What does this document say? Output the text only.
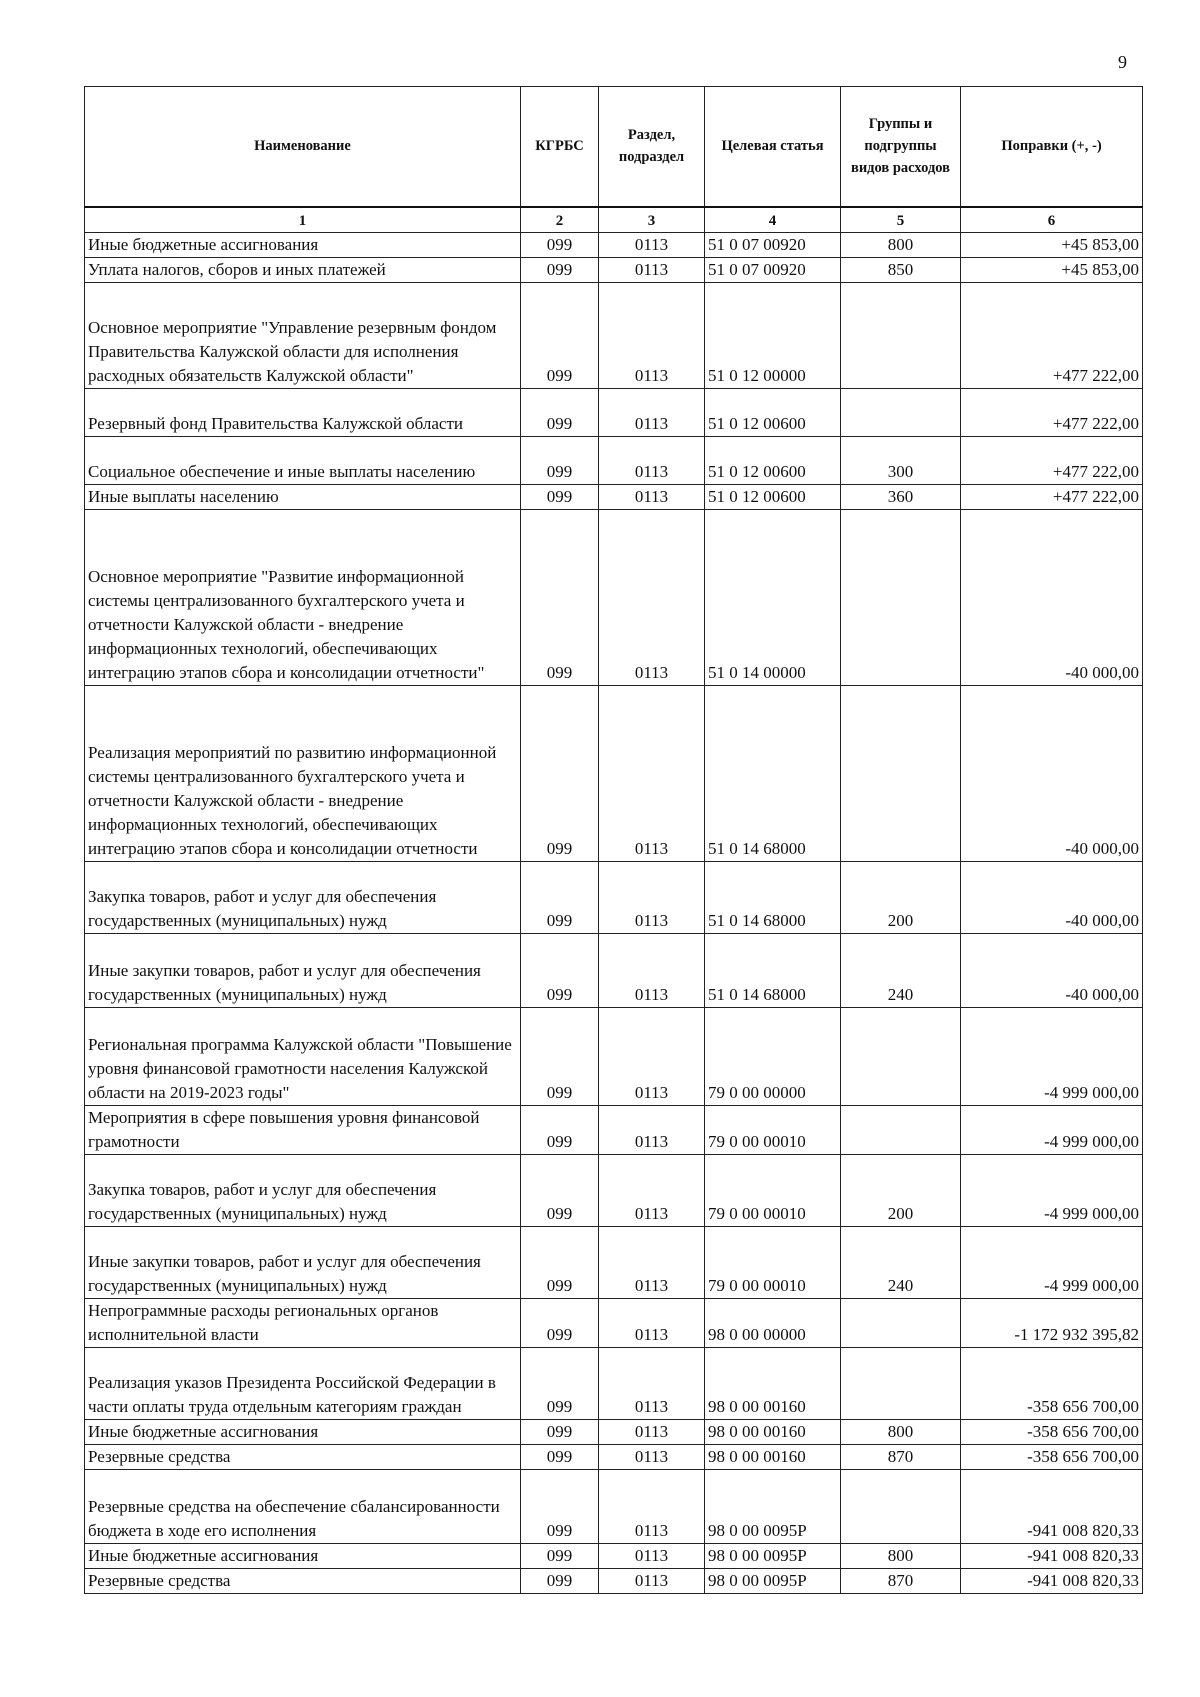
9
Наименование	КГРБС	Раздел, подраздел	Целевая статья	Группы и подгруппы видов расходов	Поправки (+, -)
1	2	3	4	5	6
Иные бюджетные ассигнования	099	0113	51 0 07 00920	800	+45 853,00
Уплата налогов, сборов и иных платежей	099	0113	51 0 07 00920	850	+45 853,00
Основное мероприятие "Управление резервным фондом Правительства Калужской области для исполнения расходных обязательств Калужской области"	099	0113	51 0 12 00000		+477 222,00
Резервный фонд Правительства Калужской области	099	0113	51 0 12 00600		+477 222,00
Социальное обеспечение и иные выплаты населению	099	0113	51 0 12 00600	300	+477 222,00
Иные выплаты населению	099	0113	51 0 12 00600	360	+477 222,00
Основное мероприятие "Развитие информационной системы централизованного бухгалтерского учета и отчетности Калужской области - внедрение информационных технологий, обеспечивающих интеграцию этапов сбора и консолидации отчетности"	099	0113	51 0 14 00000		-40 000,00
Реализация мероприятий по развитию информационной системы централизованного бухгалтерского учета и отчетности Калужской области - внедрение информационных технологий, обеспечивающих интеграцию этапов сбора и консолидации отчетности	099	0113	51 0 14 68000		-40 000,00
Закупка товаров, работ и услуг для обеспечения государственных (муниципальных) нужд	099	0113	51 0 14 68000	200	-40 000,00
Иные закупки товаров, работ и услуг для обеспечения государственных (муниципальных) нужд	099	0113	51 0 14 68000	240	-40 000,00
Региональная программа Калужской области "Повышение уровня финансовой грамотности населения Калужской области на 2019-2023 годы"	099	0113	79 0 00 00000		-4 999 000,00
Мероприятия в сфере повышения уровня финансовой грамотности	099	0113	79 0 00 00010		-4 999 000,00
Закупка товаров, работ и услуг для обеспечения государственных (муниципальных) нужд	099	0113	79 0 00 00010	200	-4 999 000,00
Иные закупки товаров, работ и услуг для обеспечения государственных (муниципальных) нужд	099	0113	79 0 00 00010	240	-4 999 000,00
Непрограммные расходы региональных органов исполнительной власти	099	0113	98 0 00 00000		-1 172 932 395,82
Реализация указов Президента Российской Федерации в части оплаты труда отдельным категориям граждан	099	0113	98 0 00 00160		-358 656 700,00
Иные бюджетные ассигнования	099	0113	98 0 00 00160	800	-358 656 700,00
Резервные средства	099	0113	98 0 00 00160	870	-358 656 700,00
Резервные средства на обеспечение сбалансированности бюджета в ходе его исполнения	099	0113	98 0 00 0095Р		-941 008 820,33
Иные бюджетные ассигнования	099	0113	98 0 00 0095Р	800	-941 008 820,33
Резервные средства	099	0113	98 0 00 0095Р	870	-941 008 820,33
